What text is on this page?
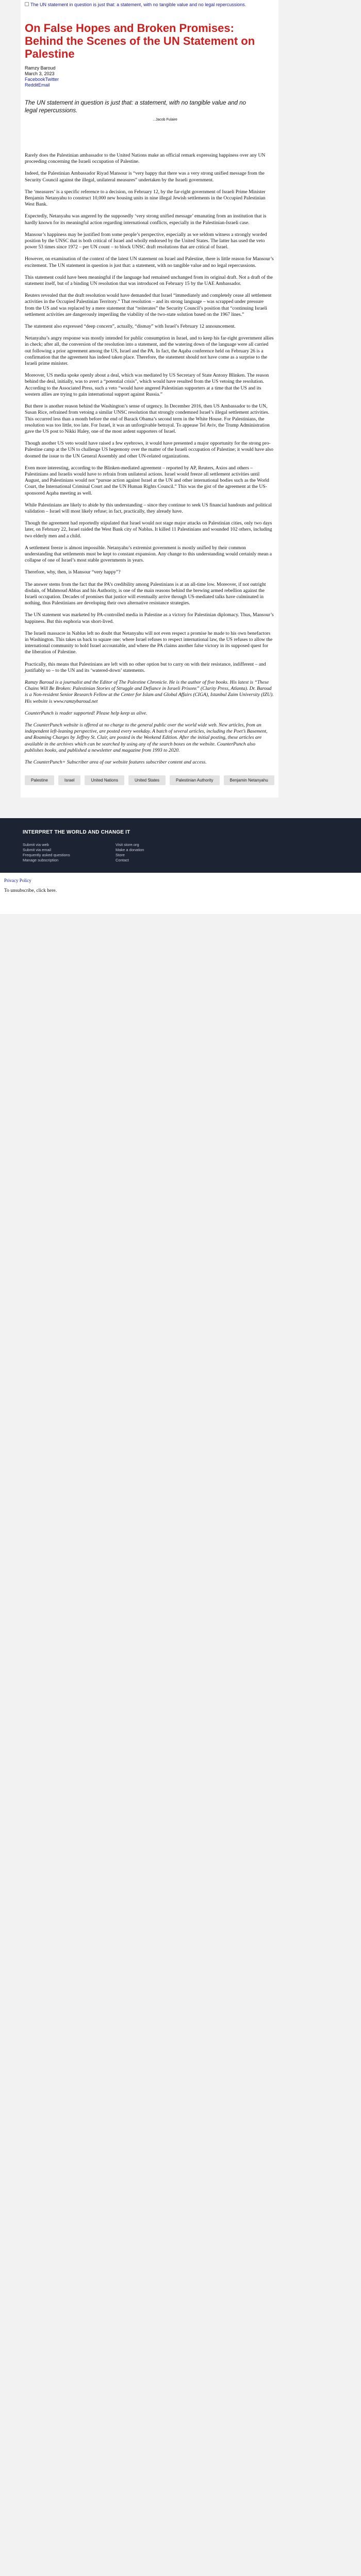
The UN statement in question is just that: a statement, with no tangible value and no legal repercussions.
On False Hopes and Broken Promises: Behind the Scenes of the UN Statement on Palestine
Ramzy Baroud
March 3, 2023
FacebookTwitter
RedditEmail
The UN statement in question is just that: a statement, with no tangible value and no legal repercussions.
...Jacob Fulaire

Rarely does the Palestinian ambassador to the United Nations make an official remark expressing happiness over any UN proceeding concerning the Israeli occupation of Palestine.

Indeed, the Palestinian Ambassador Riyad Mansour is “very happy that there was a very strong unified message from the Security Council against the illegal, unilateral measures” undertaken by the Israeli government.

The ‘measures’ is a specific reference to a decision, on February 12, by the far-right government of Israeli Prime Minister Benjamin Netanyahu to construct 10,000 new housing units in nine illegal Jewish settlements in the Occupied Palestinian West Bank.

Expectedly, Netanyahu was angered by the supposedly ‘very strong unified message’ emanating from an institution that is hardly known for its meaningful action regarding international conflicts, especially in the Palestinian-Israeli case.

Mansour’s happiness may be justified from some people’s perspective, especially as we seldom witness a strongly worded position by the UNSC that is both critical of Israel and wholly endorsed by the United States. The latter has used the veto power 53 times since 1972 – per UN count – to block UNSC draft resolutions that are critical of Israel.

However, on examination of the context of the latest UN statement on Israel and Palestine, there is little reason for Mansour’s excitement. The UN statement in question is just that: a statement, with no tangible value and no legal repercussions.

This statement could have been meaningful if the language had remained unchanged from its original draft. Not a draft of the statement itself, but of a binding UN resolution that was introduced on February 15 by the UAE Ambassador.

Reuters revealed that the draft resolution would have demanded that Israel “immediately and completely cease all settlement activities in the Occupied Palestinian Territory.” That resolution – and its strong language – was scrapped under pressure from the US and was replaced by a mere statement that “reiterates” the Security Council’s position that “continuing Israeli settlement activities are dangerously imperiling the viability of the two-state solution based on the 1967 lines.”

The statement also expressed “deep concern”, actually, “dismay” with Israel’s February 12 announcement.

Netanyahu’s angry response was mostly intended for public consumption in Israel, and to keep his far-right government allies in check; after all, the conversion of the resolution into a statement, and the watering down of the language were all carried out following a prior agreement among the US, Israel and the PA. In fact, the Aqaba conference held on February 26 is a confirmation that the agreement has indeed taken place. Therefore, the statement should not have come as a surprise to the Israeli prime minister.

Moreover, US media spoke openly about a deal, which was mediated by US Secretary of State Antony Blinken. The reason behind the deal, initially, was to avert a “potential crisis”, which would have resulted from the US vetoing the resolution. According to the Associated Press, such a veto “would have angered Palestinian supporters at a time that the US and its western allies are trying to gain international support against Russia.”

But there is another reason behind the Washington’s sense of urgency. In December 2016, then US Ambassador to the UN, Susan Rice, refrained from vetoing a similar UNSC resolution that strongly condemned Israel’s illegal settlement activities. This occurred less than a month before the end of Barack Obama’s second term in the White House. For Palestinians, the resolution was too little, too late. For Israel, it was an unforgivable betrayal. To appease Tel Aviv, the Trump Administration gave the US post to Nikki Haley, one of the most ardent supporters of Israel.

Though another US veto would have raised a few eyebrows, it would have presented a major opportunity for the strong pro-Palestine camp at the UN to challenge US hegemony over the matter of the Israeli occupation of Palestine; it would have also doomed the issue to the UN General Assembly and other UN-related organizations.

Even more interesting, according to the Blinken-mediated agreement – reported by AP, Reuters, Axios and others – Palestinians and Israelis would have to refrain from unilateral actions. Israel would freeze all settlement activities until August, and Palestinians would not “pursue action against Israel at the UN and other international bodies such as the World Court, the International Criminal Court and the UN Human Rights Council.” This was the gist of the agreement at the US-sponsored Aqaba meeting as well.

While Palestinians are likely to abide by this understanding – since they continue to seek US financial handouts and political validation – Israel will most likely refuse; in fact, practically, they already have.

Though the agreement had reportedly stipulated that Israel would not stage major attacks on Palestinian cities, only two days later, on February 22, Israel raided the West Bank city of Nablus. It killed 11 Palestinians and wounded 102 others, including two elderly men and a child.

A settlement freeze is almost impossible. Netanyahu’s extremist government is mostly unified by their common understanding that settlements must be kept to constant expansion. Any change to this understanding would certainly mean a collapse of one of Israel’s most stable governments in years.

Therefore, why, then, is Mansour “very happy”?

The answer stems from the fact that the PA’s credibility among Palestinians is at an all-time low. Moreover, if not outright disdain, of Mahmoud Abbas and his Authority, is one of the main reasons behind the brewing armed rebellion against the Israeli occupation. Decades of promises that justice will eventually arrive through US-mediated talks have culminated in nothing, thus Palestinians are developing their own alternative resistance strategies.

The UN statement was marketed by PA-controlled media in Palestine as a victory for Palestinian diplomacy. Thus, Mansour’s happiness. But this euphoria was short-lived.

The Israeli massacre in Nablus left no doubt that Netanyahu will not even respect a promise he made to his own benefactors in Washington. This takes us back to square one: where Israel refuses to respect international law, the US refuses to allow the international community to hold Israel accountable, and where the PA claims another false victory in its supposed quest for the liberation of Palestine.

Practically, this means that Palestinians are left with no other option but to carry on with their resistance, indifferent – and justifiably so – to the UN and its ‘watered-down’ statements.

Ramzy Baroud is a journalist and the Editor of The Palestine Chronicle. He is the author of five books. His latest is “These Chains Will Be Broken: Palestinian Stories of Struggle and Defiance in Israeli Prisons” (Clarity Press, Atlanta). Dr. Baroud is a Non-resident Senior Research Fellow at the Center for Islam and Global Affairs (CIGA), Istanbul Zaim University (IZU). His website is www.ramzybaroud.net

CounterPunch is reader supported! Please help keep us alive.

The CounterPunch website is offered at no charge to the general public over the world wide web. New articles, from an independent left-leaning perspective, are posted every weekday. A batch of several articles, including the Poet’s Basement, and Roaming Charges by Jeffrey St. Clair, are posted in the Weekend Edition. After the initial posting, these articles are available in the archives which can be searched by using any of the search boxes on the website. CounterPunch also publishes books, and published a newsletter and magazine from 1993 to 2020.

The CounterPunch+ Subscriber area of our website features subscriber content and access.

Palestine	Israel	United Nations	United States	Palestinian Authority	Benjamin Netanyahu
INTERPRET THE WORLD AND CHANGE IT
Submit via web
Submit via email
Frequently asked questions
Manage subscription
Visit store.org
Make a donation
Store
Contact
Privacy Policy
To unsubscribe, click here.
